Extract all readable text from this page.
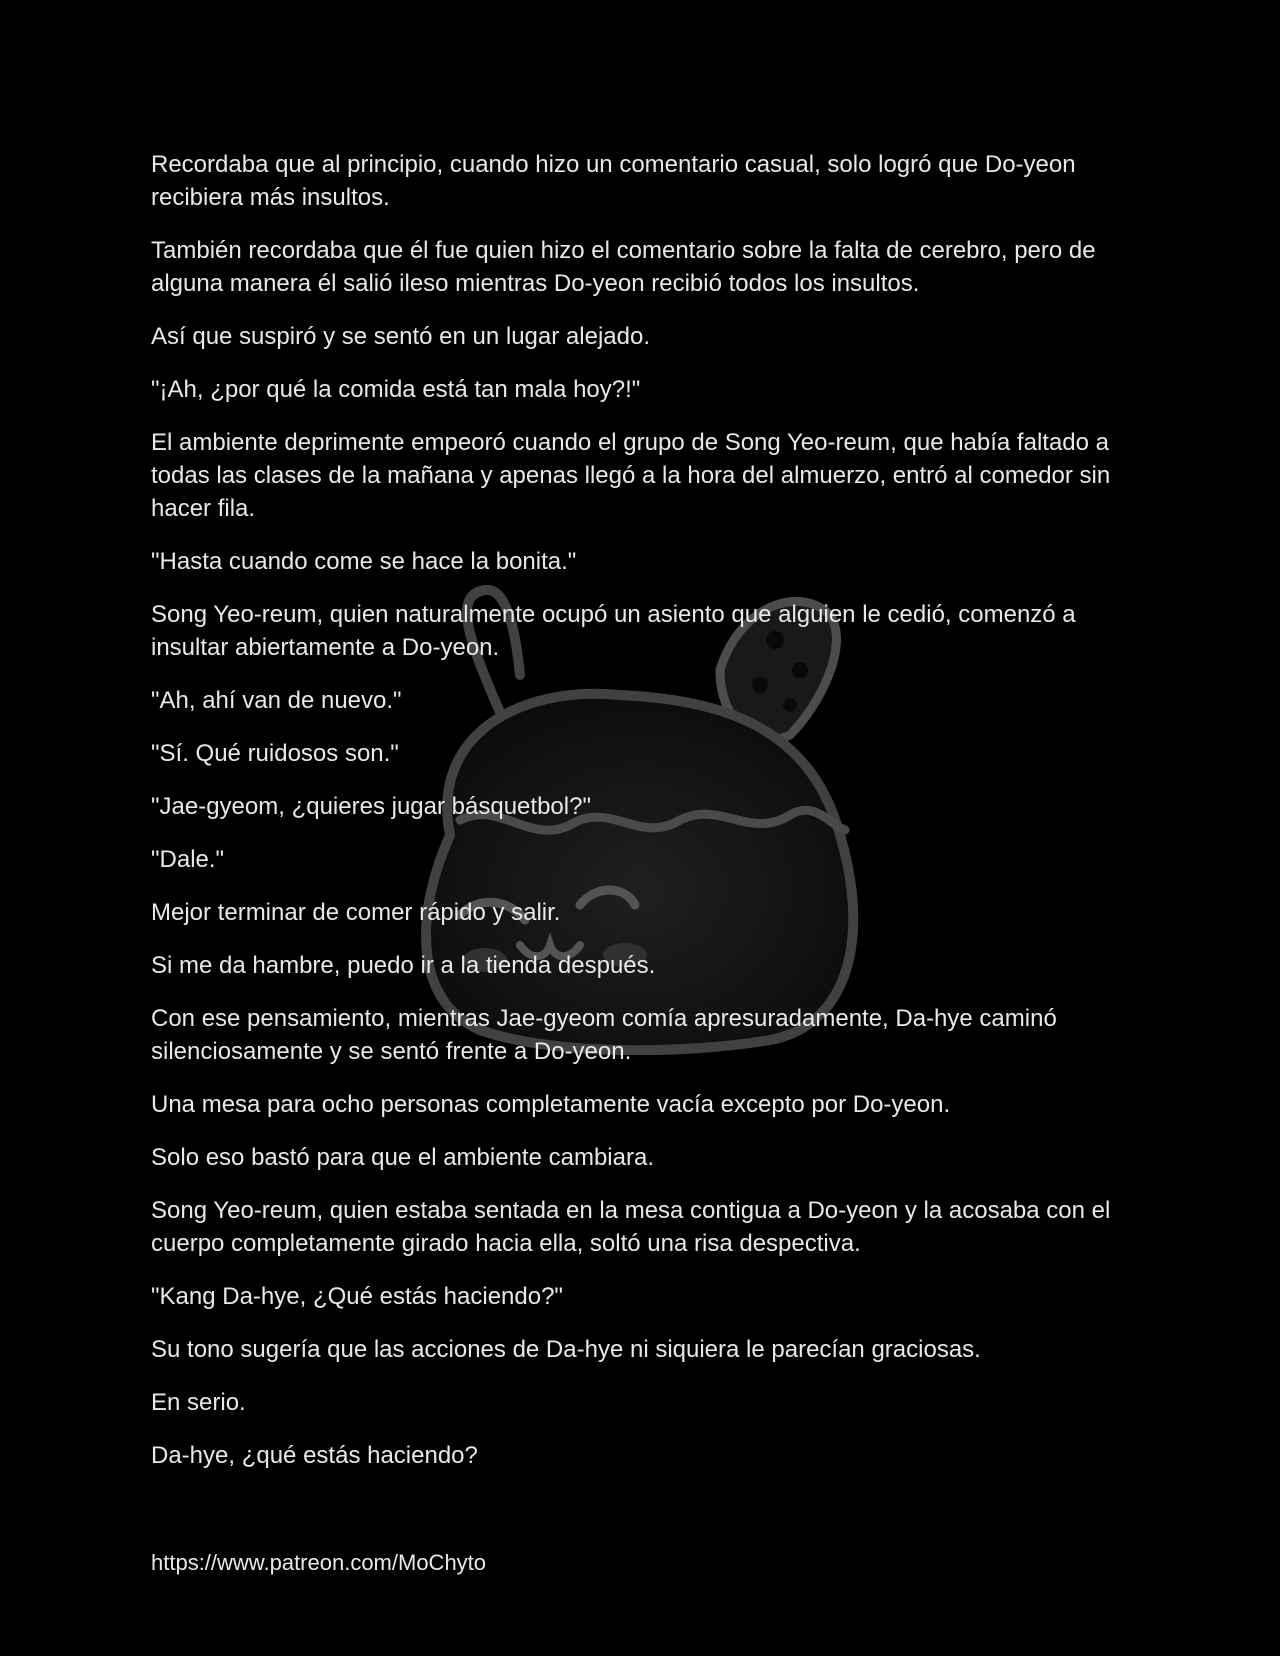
Recordaba que al principio, cuando hizo un comentario casual, solo logró que Do-yeon recibiera más insultos.

También recordaba que él fue quien hizo el comentario sobre la falta de cerebro, pero de alguna manera él salió ileso mientras Do-yeon recibió todos los insultos.

Así que suspiró y se sentó en un lugar alejado.

"¡Ah, ¿por qué la comida está tan mala hoy?!"

El ambiente deprimente empeoró cuando el grupo de Song Yeo-reum, que había faltado a todas las clases de la mañana y apenas llegó a la hora del almuerzo, entró al comedor sin hacer fila.

"Hasta cuando come se hace la bonita."

Song Yeo-reum, quien naturalmente ocupó un asiento que alguien le cedió, comenzó a insultar abiertamente a Do-yeon.

"Ah, ahí van de nuevo."

"Sí. Qué ruidosos son."

"Jae-gyeom, ¿quieres jugar básquetbol?"

"Dale."

Mejor terminar de comer rápido y salir.

Si me da hambre, puedo ir a la tienda después.

Con ese pensamiento, mientras Jae-gyeom comía apresuradamente, Da-hye caminó silenciosamente y se sentó frente a Do-yeon.

Una mesa para ocho personas completamente vacía excepto por Do-yeon.

Solo eso bastó para que el ambiente cambiara.

Song Yeo-reum, quien estaba sentada en la mesa contigua a Do-yeon y la acosaba con el cuerpo completamente girado hacia ella, soltó una risa despectiva.

"Kang Da-hye, ¿Qué estás haciendo?"

Su tono sugería que las acciones de Da-hye ni siquiera le parecían graciosas.

En serio.

Da-hye, ¿qué estás haciendo?

https://www.patreon.com/MoChyto
